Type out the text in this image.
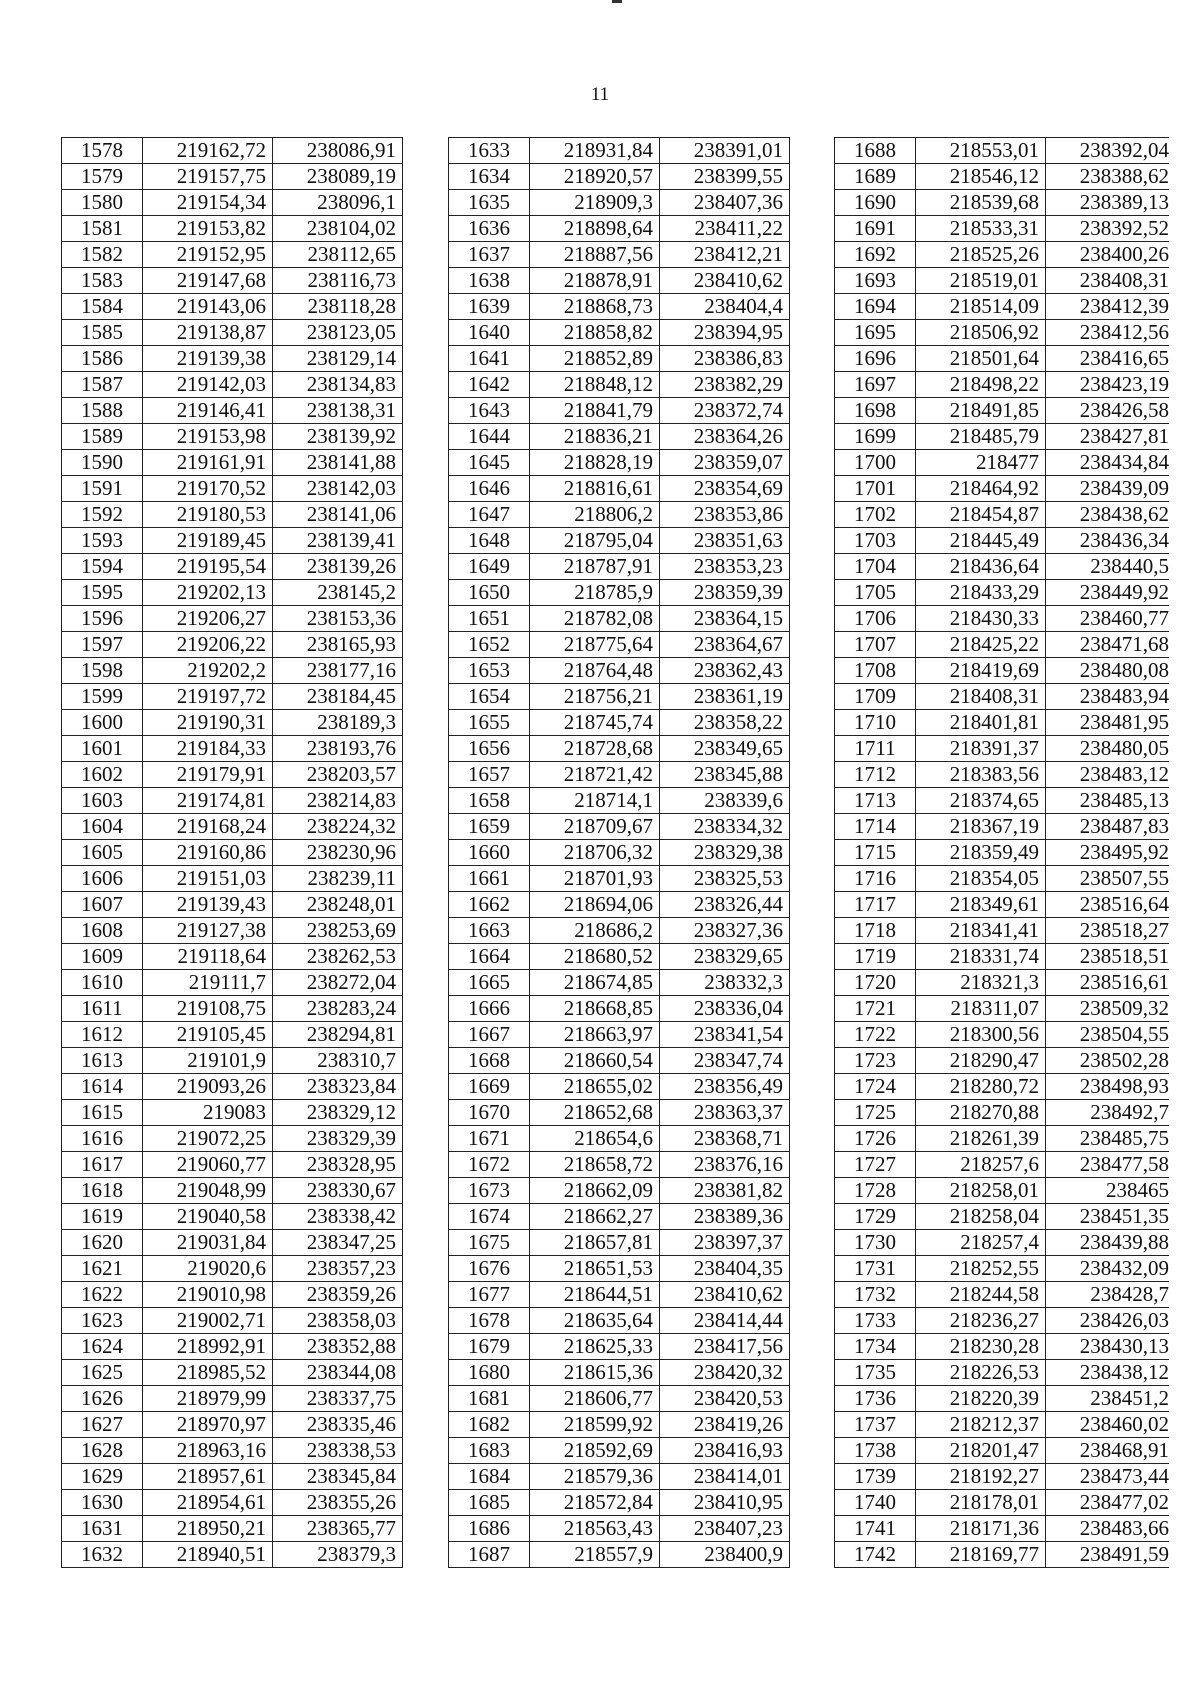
11
1578	219162,72	238086,91
1579	219157,75	238089,19
1580	219154,34	238096,1
1581	219153,82	238104,02
1582	219152,95	238112,65
1583	219147,68	238116,73
1584	219143,06	238118,28
1585	219138,87	238123,05
1586	219139,38	238129,14
1587	219142,03	238134,83
1588	219146,41	238138,31
1589	219153,98	238139,92
1590	219161,91	238141,88
1591	219170,52	238142,03
1592	219180,53	238141,06
1593	219189,45	238139,41
1594	219195,54	238139,26
1595	219202,13	238145,2
1596	219206,27	238153,36
1597	219206,22	238165,93
1598	219202,2	238177,16
1599	219197,72	238184,45
1600	219190,31	238189,3
1601	219184,33	238193,76
1602	219179,91	238203,57
1603	219174,81	238214,83
1604	219168,24	238224,32
1605	219160,86	238230,96
1606	219151,03	238239,11
1607	219139,43	238248,01
1608	219127,38	238253,69
1609	219118,64	238262,53
1610	219111,7	238272,04
1611	219108,75	238283,24
1612	219105,45	238294,81
1613	219101,9	238310,7
1614	219093,26	238323,84
1615	219083	238329,12
1616	219072,25	238329,39
1617	219060,77	238328,95
1618	219048,99	238330,67
1619	219040,58	238338,42
1620	219031,84	238347,25
1621	219020,6	238357,23
1622	219010,98	238359,26
1623	219002,71	238358,03
1624	218992,91	238352,88
1625	218985,52	238344,08
1626	218979,99	238337,75
1627	218970,97	238335,46
1628	218963,16	238338,53
1629	218957,61	238345,84
1630	218954,61	238355,26
1631	218950,21	238365,77
1632	218940,51	238379,3
1633	218931,84	238391,01
1634	218920,57	238399,55
1635	218909,3	238407,36
1636	218898,64	238411,22
1637	218887,56	238412,21
1638	218878,91	238410,62
1639	218868,73	238404,4
1640	218858,82	238394,95
1641	218852,89	238386,83
1642	218848,12	238382,29
1643	218841,79	238372,74
1644	218836,21	238364,26
1645	218828,19	238359,07
1646	218816,61	238354,69
1647	218806,2	238353,86
1648	218795,04	238351,63
1649	218787,91	238353,23
1650	218785,9	238359,39
1651	218782,08	238364,15
1652	218775,64	238364,67
1653	218764,48	238362,43
1654	218756,21	238361,19
1655	218745,74	238358,22
1656	218728,68	238349,65
1657	218721,42	238345,88
1658	218714,1	238339,6
1659	218709,67	238334,32
1660	218706,32	238329,38
1661	218701,93	238325,53
1662	218694,06	238326,44
1663	218686,2	238327,36
1664	218680,52	238329,65
1665	218674,85	238332,3
1666	218668,85	238336,04
1667	218663,97	238341,54
1668	218660,54	238347,74
1669	218655,02	238356,49
1670	218652,68	238363,37
1671	218654,6	238368,71
1672	218658,72	238376,16
1673	218662,09	238381,82
1674	218662,27	238389,36
1675	218657,81	238397,37
1676	218651,53	238404,35
1677	218644,51	238410,62
1678	218635,64	238414,44
1679	218625,33	238417,56
1680	218615,36	238420,32
1681	218606,77	238420,53
1682	218599,92	238419,26
1683	218592,69	238416,93
1684	218579,36	238414,01
1685	218572,84	238410,95
1686	218563,43	238407,23
1687	218557,9	238400,9
1688	218553,01	238392,04
1689	218546,12	238388,62
1690	218539,68	238389,13
1691	218533,31	238392,52
1692	218525,26	238400,26
1693	218519,01	238408,31
1694	218514,09	238412,39
1695	218506,92	238412,56
1696	218501,64	238416,65
1697	218498,22	238423,19
1698	218491,85	238426,58
1699	218485,79	238427,81
1700	218477	238434,84
1701	218464,92	238439,09
1702	218454,87	238438,62
1703	218445,49	238436,34
1704	218436,64	238440,5
1705	218433,29	238449,92
1706	218430,33	238460,77
1707	218425,22	238471,68
1708	218419,69	238480,08
1709	218408,31	238483,94
1710	218401,81	238481,95
1711	218391,37	238480,05
1712	218383,56	238483,12
1713	218374,65	238485,13
1714	218367,19	238487,83
1715	218359,49	238495,92
1716	218354,05	238507,55
1717	218349,61	238516,64
1718	218341,41	238518,27
1719	218331,74	238518,51
1720	218321,3	238516,61
1721	218311,07	238509,32
1722	218300,56	238504,55
1723	218290,47	238502,28
1724	218280,72	238498,93
1725	218270,88	238492,7
1726	218261,39	238485,75
1727	218257,6	238477,58
1728	218258,01	238465
1729	218258,04	238451,35
1730	218257,4	238439,88
1731	218252,55	238432,09
1732	218244,58	238428,7
1733	218236,27	238426,03
1734	218230,28	238430,13
1735	218226,53	238438,12
1736	218220,39	238451,2
1737	218212,37	238460,02
1738	218201,47	238468,91
1739	218192,27	238473,44
1740	218178,01	238477,02
1741	218171,36	238483,66
1742	218169,77	238491,59
